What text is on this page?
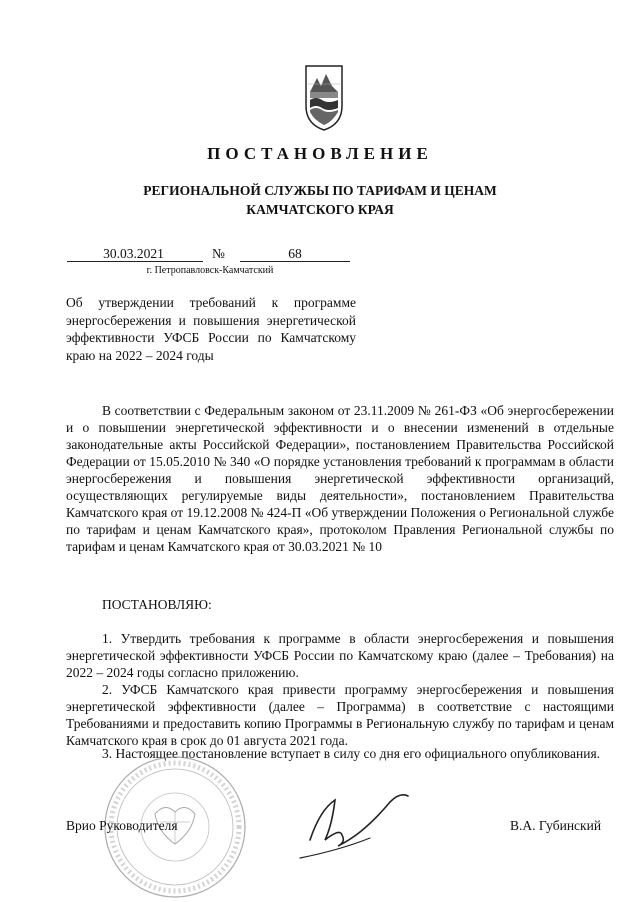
ПОСТАНОВЛЕНИЕ
РЕГИОНАЛЬНОЙ СЛУЖБЫ ПО ТАРИФАМ И ЦЕНАМ
КАМЧАТСКОГО КРАЯ
30.03.2021	№	68
г. Петропавловск-Камчатский
Об утверждении требований к программе энергосбережения и повышения энергетической эффективности УФСБ России по Камчатскому краю на 2022 – 2024 годы

В соответствии с Федеральным законом от 23.11.2009 № 261-ФЗ «Об энергосбережении и о повышении энергетической эффективности и о внесении изменений в отдельные законодательные акты Российской Федерации», постановлением Правительства Российской Федерации от 15.05.2010 № 340 «О порядке установления требований к программам в области энергосбережения и повышения энергетической эффективности организаций, осуществляющих регулируемые виды деятельности», постановлением Правительства Камчатского края от 19.12.2008 № 424-П «Об утверждении Положения о Региональной службе по тарифам и ценам Камчатского края», протоколом Правления Региональной службы по тарифам и ценам Камчатского края от 30.03.2021 № 10

ПОСТАНОВЛЯЮ:

1. Утвердить требования к программе в области энергосбережения и повышения энергетической эффективности УФСБ России по Камчатскому краю (далее – Требования) на 2022 – 2024 годы согласно приложению.

2. УФСБ Камчатского края привести программу энергосбережения и повышения энергетической эффективности (далее – Программа) в соответствие с настоящими Требованиями и предоставить копию Программы в Региональную службу по тарифам и ценам Камчатского края в срок до 01 августа 2021 года.

3. Настоящее постановление вступает в силу со дня его официального опубликования.

Врио Руководителя	В.А. Губинский
